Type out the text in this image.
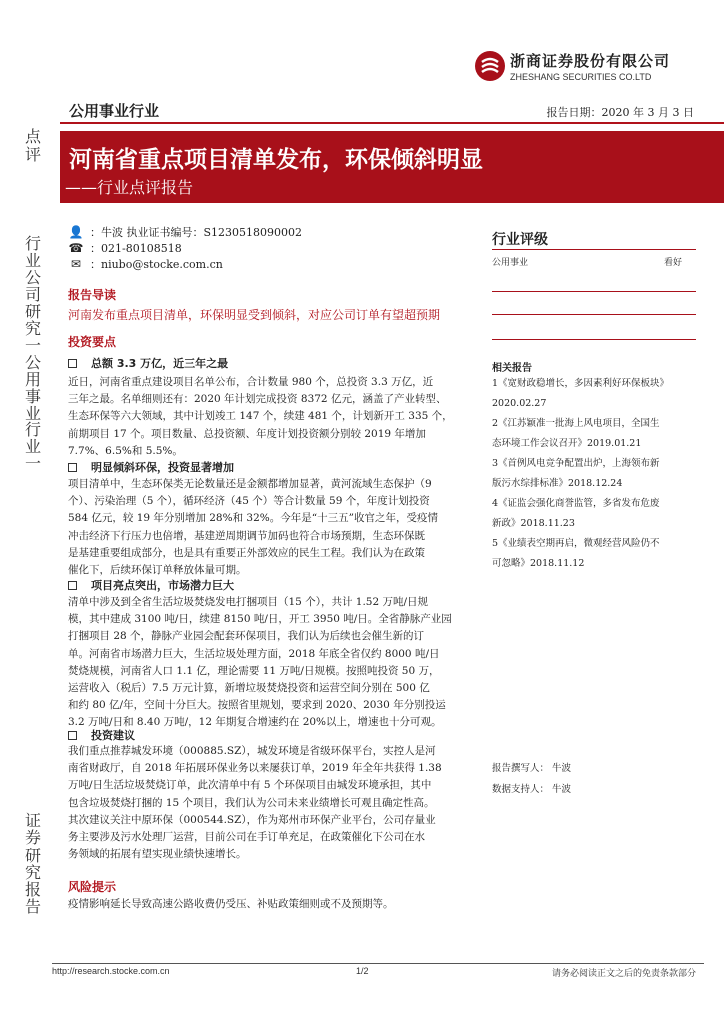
浙商证券股份有限公司
ZHESHANG SECURITIES CO.LTD
点
评
行
业
公
司
研
究
一
公
用
事
业
行
业
一
证
券
研
究
报
告
公用事业行业	报告日期：2020 年 3 月 3 日
河南省重点项目清单发布，环保倾斜明显
——行业点评报告
👤 ：牛波 执业证书编号：S1230518090002
☎ ：021-80108518
✉ ：niubo@stocke.com.cn
行业评级
公用事业	看好
报告导读
河南发布重点项目清单，环保明显受到倾斜，对应公司订单有望超预期
投资要点
总额 3.3 万亿，近三年之最
近日，河南省重点建设项目名单公布，合计数量 980 个，总投资 3.3 万亿，近
三年之最。名单细则还有：2020 年计划完成投资 8372 亿元，涵盖了产业转型、
生态环保等六大领域，其中计划竣工 147 个，续建 481 个，计划新开工 335 个，
前期项目 17 个。项目数量、总投资额、年度计划投资额分别较 2019 年增加
7.7%、6.5%和 5.5%。
明显倾斜环保，投资显著增加
项目清单中，生态环保类无论数量还是金额都增加显著，黄河流域生态保护（9
个）、污染治理（5 个），循环经济（45 个）等合计数量 59 个，年度计划投资
584 亿元，较 19 年分别增加 28%和 32%。今年是“十三五”收官之年，受疫情
冲击经济下行压力也倍增，基建逆周期调节加码也符合市场预期，生态环保既
是基建重要组成部分，也是具有重要正外部效应的民生工程。我们认为在政策
催化下，后续环保订单释放体量可期。
项目亮点突出，市场潜力巨大
清单中涉及到全省生活垃圾焚烧发电打捆项目（15 个），共计 1.52 万吨/日规
模，其中建成 3100 吨/日，续建 8150 吨/日，开工 3950 吨/日。全省静脉产业园
打捆项目 28 个，静脉产业园会配套环保项目，我们认为后续也会催生新的订
单。河南省市场潜力巨大，生活垃圾处理方面，2018 年底全省仅约 8000 吨/日
焚烧规模，河南省人口 1.1 亿，理论需要 11 万吨/日规模。按照吨投资 50 万，
运营收入（税后）7.5 万元计算，新增垃圾焚烧投资和运营空间分别在 500 亿
和约 80 亿/年，空间十分巨大。按照省里规划，要求到 2020、2030 年分别投运
3.2 万吨/日和 8.40 万吨/，12 年期复合增速约在 20%以上，增速也十分可观。
投资建议
我们重点推荐城发环境（000885.SZ），城发环境是省级环保平台，实控人是河
南省财政厅，自 2018 年拓展环保业务以来屡获订单，2019 年全年共获得 1.38
万吨/日生活垃圾焚烧订单，此次清单中有 5 个环保项目由城发环境承担，其中
包含垃圾焚烧打捆的 15 个项目，我们认为公司未来业绩增长可观且确定性高。
其次建议关注中原环保（000544.SZ），作为郑州市环保产业平台，公司存量业
务主要涉及污水处理厂运营，目前公司在手订单充足，在政策催化下公司在水
务领域的拓展有望实现业绩快速增长。
风险提示
疫情影响延长导致高速公路收费仍受压、补贴政策细则或不及预期等。
相关报告
1《宽财政稳增长，多因素利好环保板块》
2020.02.27
2《江苏颖准一批海上风电项目，全国生
态环境工作会议召开》2019.01.21
3《首例风电竞争配置出炉，上海领布新
版污水综排标准》2018.12.24
4《证监会强化商誉监管，多省发布危废
新政》2018.11.23
5《业绩表空期再启，微观经营风险仍不
可忽略》2018.11.12
报告撰写人： 牛波
数据支持人： 牛波
http://research.stocke.com.cn	1/2	请务必阅读正文之后的免责条款部分
